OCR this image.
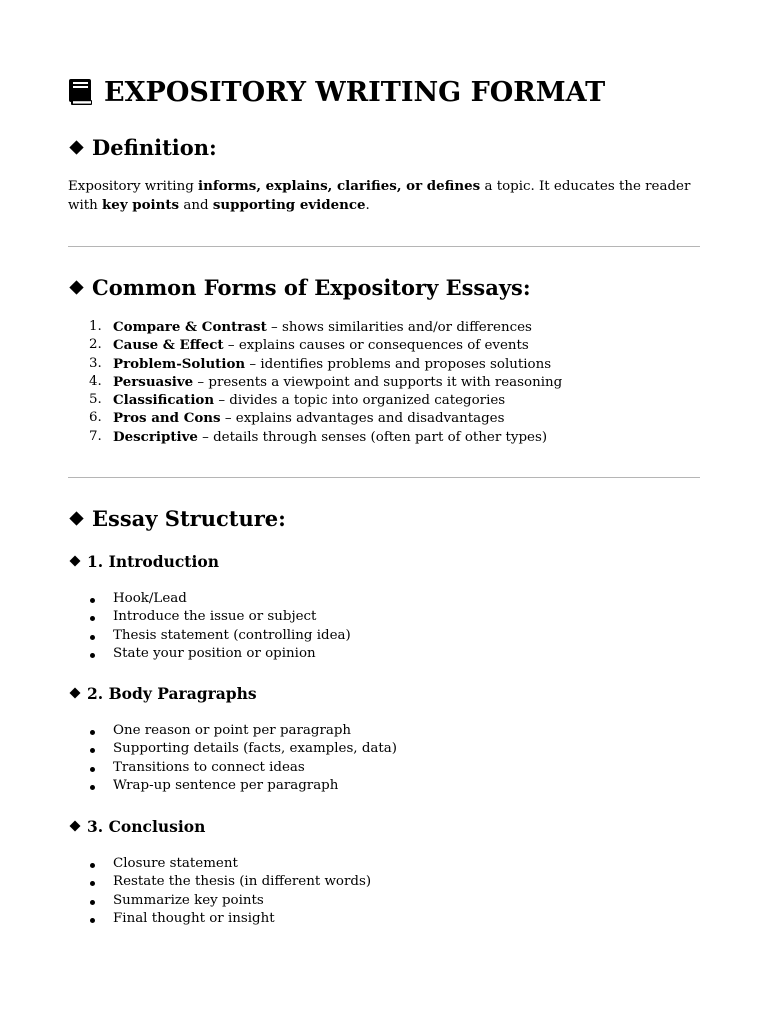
EXPOSITORY WRITING FORMAT
Definition:
Expository writing informs, explains, clarifies, or defines a topic. It educates the reader with key points and supporting evidence.
Common Forms of Expository Essays:
1. Compare & Contrast – shows similarities and/or differences
2. Cause & Effect – explains causes or consequences of events
3. Problem-Solution – identifies problems and proposes solutions
4. Persuasive – presents a viewpoint and supports it with reasoning
5. Classification – divides a topic into organized categories
6. Pros and Cons – explains advantages and disadvantages
7. Descriptive – details through senses (often part of other types)
Essay Structure:
1. Introduction
Hook/Lead
Introduce the issue or subject
Thesis statement (controlling idea)
State your position or opinion
2. Body Paragraphs
One reason or point per paragraph
Supporting details (facts, examples, data)
Transitions to connect ideas
Wrap-up sentence per paragraph
3. Conclusion
Closure statement
Restate the thesis (in different words)
Summarize key points
Final thought or insight
